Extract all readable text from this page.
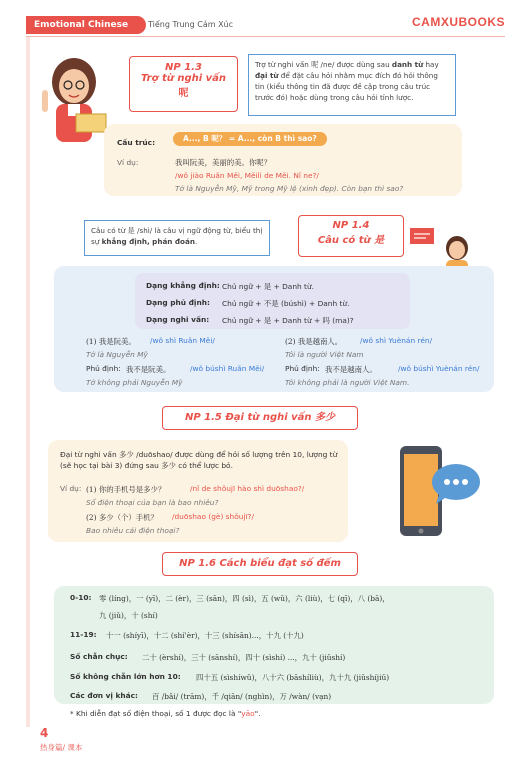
Emotional Chinese	Tiếng Trung Cảm Xúc	CAMXUBOOKS
NP 1.3
Trợ từ nghi vấn
呢
Trợ từ nghi vấn 呢 /ne/ được dùng sau danh từ hay đại từ để đặt câu hỏi nhằm mục đích đó hỏi thông tin (kiểu thông tin đã được đề cập trong câu trúc trước đó) hoặc dùng trong câu hỏi tỉnh lược.
Cấu trúc:	A..., B 呢？ = A..., còn B thì sao?
Ví dụ:	我叫阮美，美丽的美。你呢？
/wǒ jiào Ruǎn Měi, Měilì de Měi. Nǐ ne?/
Tớ là Nguyễn Mỹ, Mỹ trong Mỹ lệ (xinh đẹp). Còn bạn thì sao?
Câu có từ 是 /shì/ là câu vị ngữ động từ, biểu thị sự khẳng định, phán đoán.
NP 1.4
Câu có từ 是
Dạng khẳng định: Chủ ngữ + 是 + Danh từ.
Dạng phủ định: Chủ ngữ + 不是 (búshì) + Danh từ.
Dạng nghi vấn: Chủ ngữ + 是 + Danh từ + 吗 (ma)?
(1) 我是阮美。 /wǒ shì Ruǎn Měi/
Tớ là Nguyễn Mỹ
Phủ định: 我不是阮美。	/wǒ búshì Ruǎn Měi/
Tớ không phải Nguyễn Mỹ
(2) 我是越南人。 /wǒ shì Yuènán rén/
Tôi là người Việt Nam
Phủ định: 我不是越南人。	/wǒ búshì Yuènán rén/
Tôi không phải là người Việt Nam.
NP 1.5 Đại từ nghi vấn 多少
Đại từ nghi vấn 多少 /duōshao/ được dùng để hỏi số lượng trên 10, lượng từ (sẽ học tại bài 3) đứng sau 多少 có thể lược bỏ.
Ví dụ: (1) 你的手机号是多少？	/nǐ de shǒujī hào shì duōshao?/
Số điện thoại của bạn là bao nhiêu?
(2) 多少（个）手机？ /duōshao (gè) shǒujī?/
Bao nhiêu cái điện thoại?
NP 1.6 Cách biểu đạt số đếm
0-10: 零 (líng)，一 (yī)，二 (èr)，三 (sān)，四 (sì)，五 (wǔ)，六 (liù)，七 (qī)，八 (bā)，
九 (jiǔ)，十 (shí)
11-19: 十一 (shíyī)，十二 (shí'èr)，十三 (shísān)...，十九 (十九)
Số chẵn chục: 二十 (èrshí)，三十 (sānshí)，四十 (sìshí) ...，九十 (jiǔshí)
Số không chẵn lớn hơn 10: 四十五 (sìshíwǔ)，八十六 (bāshíliù)，九十九 (jiǔshíjiǔ)
Các đơn vị khác: 百 /bǎi/ (trăm)，千 /qiān/ (nghìn)，万 /wàn/ (vạn)
* Khi diễn đạt số điện thoại, số 1 được đọc là "yāo".
4
热身篇/ 课本
